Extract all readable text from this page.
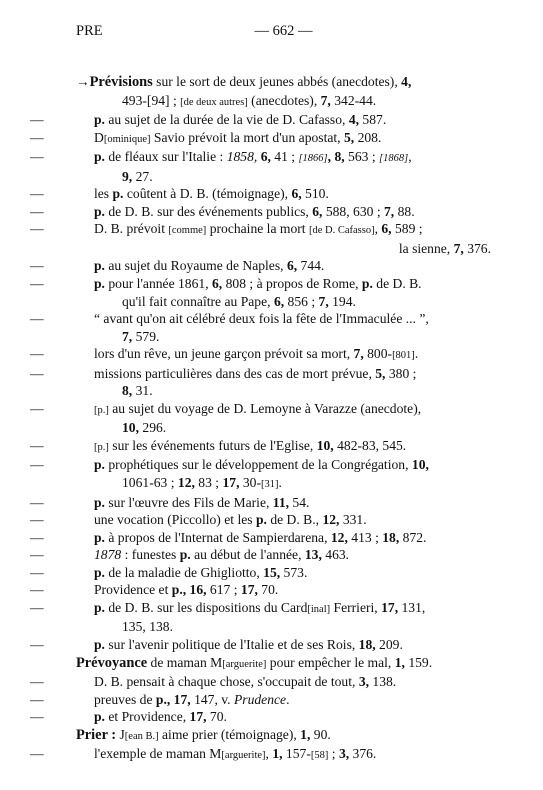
PRE	— 662 —

→Prévisions sur le sort de deux jeunes abbés (anecdotes), 4,
493-[94] ; [de deux autres] (anecdotes), 7, 342-44.

—	p. au sujet de la durée de la vie de D. Cafasso, 4, 587.

—	D[ominique] Savio prévoit la mort d'un apostat, 5, 208.

—	p. de fléaux sur l'Italie : 1858, 6, 41 ; [1866], 8, 563 ; [1868],
9, 27.

—	les p. coûtent à D. B. (témoignage), 6, 510.

—	p. de D. B. sur des événements publics, 6, 588, 630 ; 7, 88.

—	D. B. prévoit [comme] prochaine la mort [de D. Cafasso], 6, 589 ;
la sienne, 7, 376.

—	p. au sujet du Royaume de Naples, 6, 744.

—	p. pour l'année 1861, 6, 808 ; à propos de Rome, p. de D. B.
qu'il fait connaître au Pape, 6, 856 ; 7, 194.

—	“ avant qu'on ait célébré deux fois la fête de l'Immaculée ... ”,
7, 579.

—	lors d'un rêve, un jeune garçon prévoit sa mort, 7, 800-[801].

—	missions particulières dans des cas de mort prévue, 5, 380 ;
8, 31.

—	[p.] au sujet du voyage de D. Lemoyne à Varazze (anecdote),
10, 296.

—	[p.] sur les événements futurs de l'Eglise, 10, 482-83, 545.

—	p. prophétiques sur le développement de la Congrégation, 10,
1061-63 ; 12, 83 ; 17, 30-[31].

—	p. sur l'œuvre des Fils de Marie, 11, 54.

—	une vocation (Piccollo) et les p. de D. B., 12, 331.

—	p. à propos de l'Internat de Sampierdarena, 12, 413 ; 18, 872.

—	1878 : funestes p. au début de l'année, 13, 463.

—	p. de la maladie de Ghigliotto, 15, 573.

—	Providence et p., 16, 617 ; 17, 70.

—	p. de D. B. sur les dispositions du Card[inal] Ferrieri, 17, 131,
135, 138.

—	p. sur l'avenir politique de l'Italie et de ses Rois, 18, 209.

Prévoyance de maman M[arguerite] pour empêcher le mal, 1, 159.

—	D. B. pensait à chaque chose, s'occupait de tout, 3, 138.

—	preuves de p., 17, 147, v. Prudence.

—	p. et Providence, 17, 70.

Prier : J[ean B.] aime prier (témoignage), 1, 90.

—	l'exemple de maman M[arguerite], 1, 157-[58] ; 3, 376.
